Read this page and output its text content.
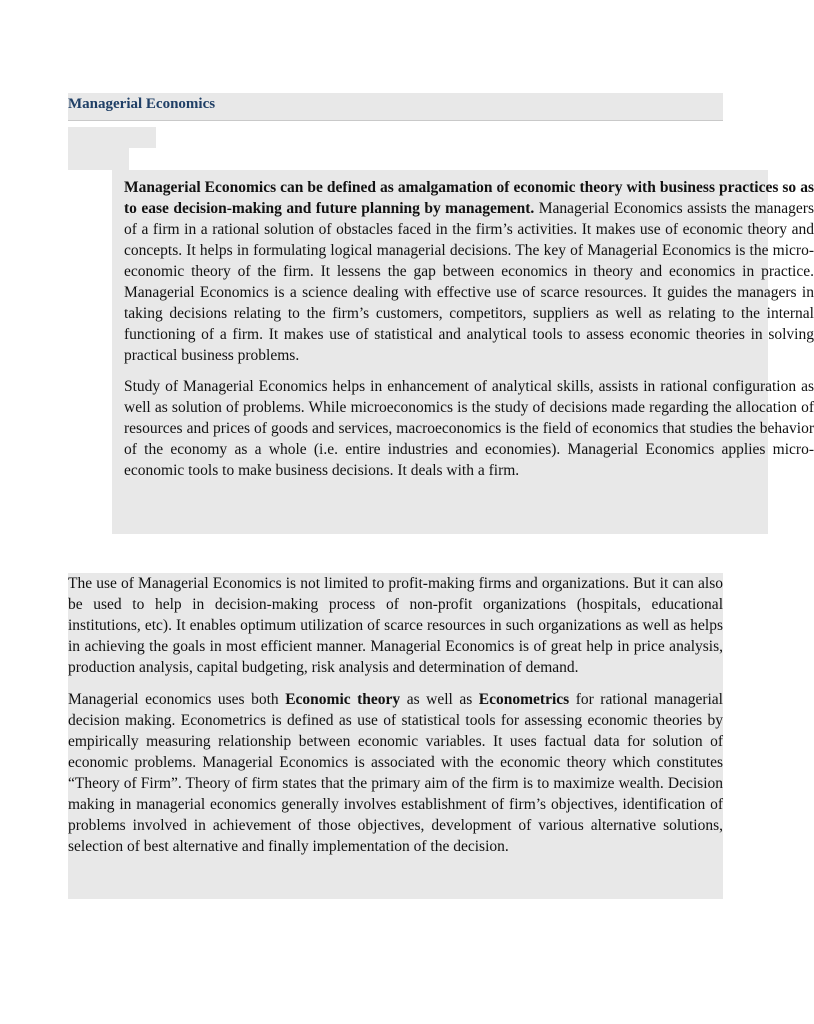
Managerial Economics

Managerial Economics can be defined as amalgamation of economic theory with business practices so as to ease decision-making and future planning by management. Managerial Economics assists the managers of a firm in a rational solution of obstacles faced in the firm’s activities. It makes use of economic theory and concepts. It helps in formulating logical managerial decisions. The key of Managerial Economics is the micro-economic theory of the firm. It lessens the gap between economics in theory and economics in practice. Managerial Economics is a science dealing with effective use of scarce resources. It guides the managers in taking decisions relating to the firm’s customers, competitors, suppliers as well as relating to the internal functioning of a firm. It makes use of statistical and analytical tools to assess economic theories in solving practical business problems.

Study of Managerial Economics helps in enhancement of analytical skills, assists in rational configuration as well as solution of problems. While microeconomics is the study of decisions made regarding the allocation of resources and prices of goods and services, macroeconomics is the field of economics that studies the behavior of the economy as a whole (i.e. entire industries and economies). Managerial Economics applies micro-economic tools to make business decisions. It deals with a firm.

The use of Managerial Economics is not limited to profit-making firms and organizations. But it can also be used to help in decision-making process of non-profit organizations (hospitals, educational institutions, etc). It enables optimum utilization of scarce resources in such organizations as well as helps in achieving the goals in most efficient manner. Managerial Economics is of great help in price analysis, production analysis, capital budgeting, risk analysis and determination of demand.

Managerial economics uses both Economic theory as well as Econometrics for rational managerial decision making. Econometrics is defined as use of statistical tools for assessing economic theories by empirically measuring relationship between economic variables. It uses factual data for solution of economic problems. Managerial Economics is associated with the economic theory which constitutes “Theory of Firm”. Theory of firm states that the primary aim of the firm is to maximize wealth. Decision making in managerial economics generally involves establishment of firm’s objectives, identification of problems involved in achievement of those objectives, development of various alternative solutions, selection of best alternative and finally implementation of the decision.
